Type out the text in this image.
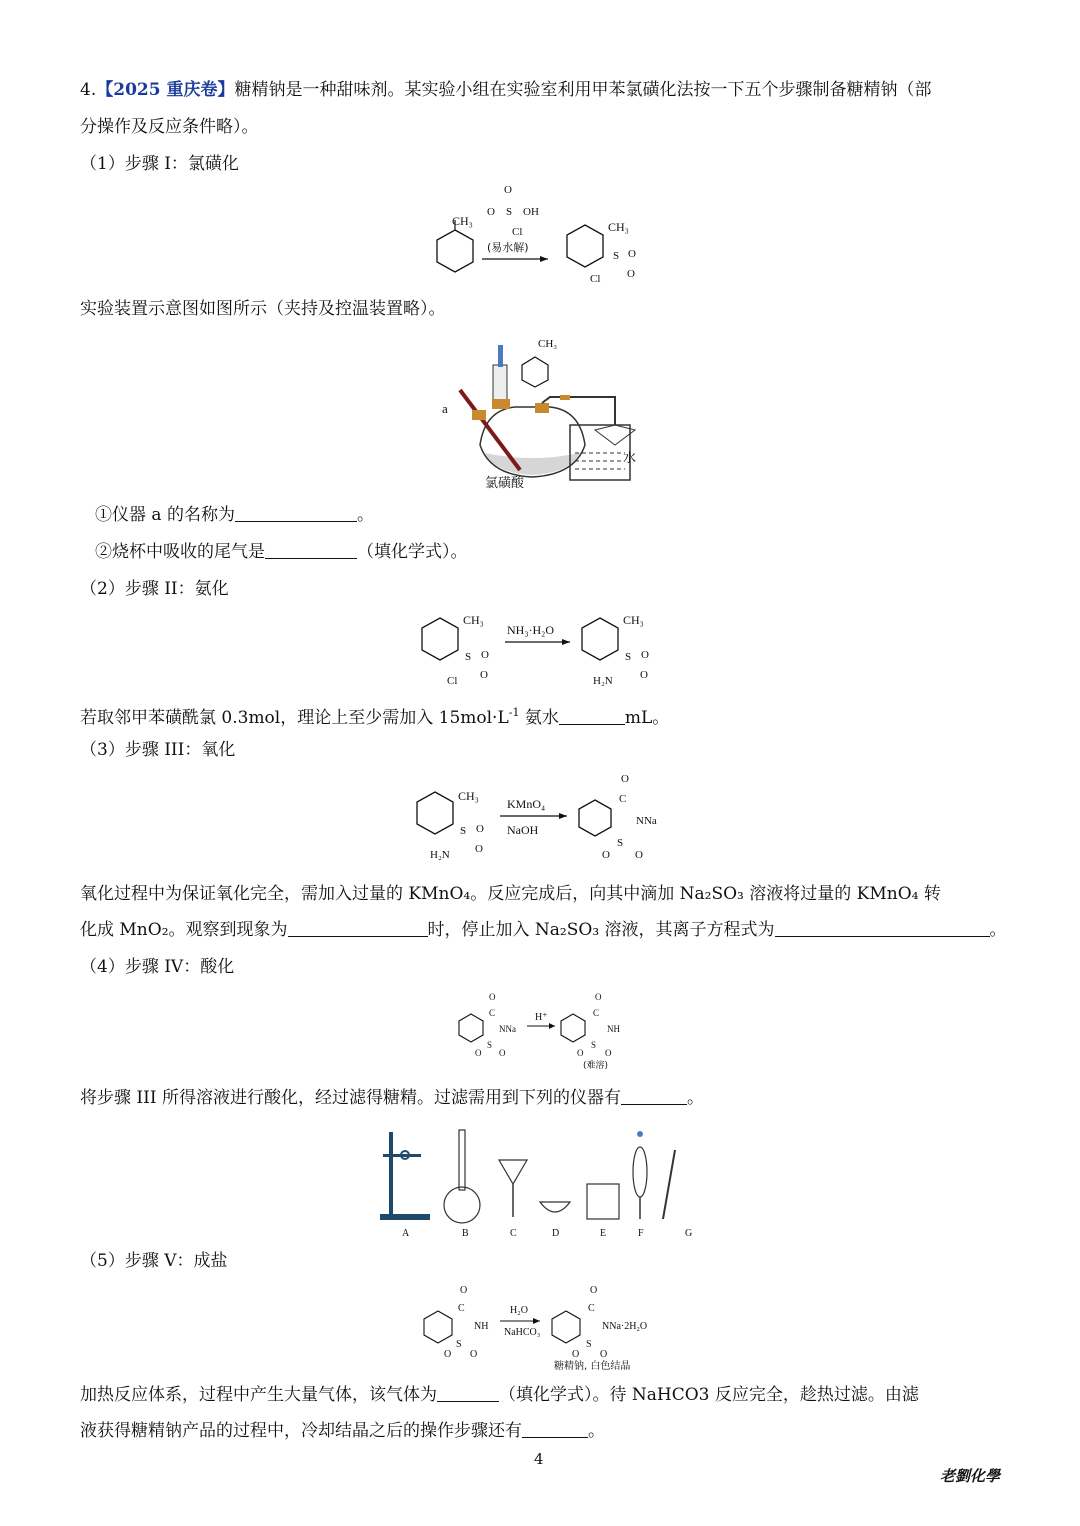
4.【2025 重庆卷】糖精钠是一种甜味剂。某实验小组在实验室利用甲苯氯磺化法按一下五个步骤制备糖精钠（部
分操作及反应条件略）。
（1）步骤 I：氯磺化
CH₃
O
O S OH
Cl
(易水解)
CH₃
S O
O
Cl
实验装置示意图如图所示（夹持及控温装置略）。
a
水
氯磺酸
CH₃
①仪器 a 的名称为	。
②烧杯中吸收的尾气是	（填化学式）。
（2）步骤 II：氨化
CH₃
S O
O
Cl
NH₃·H₂O
CH₃
S O
O
H₂N
若取邻甲苯磺酰氯 0.3mol，理论上至少需加入 $15mol\cdot L^{-1}$ 氨水	mL。
（3）步骤 III：氧化
CH₃
S O
O
H₂N
KMnO₄
NaOH
C
O
NNa
S
O O
氧化过程中为保证氧化完全，需加入过量的 KMnO₄。反应完成后，向其中滴加 Na₂SO₃ 溶液将过量的 KMnO₄ 转
化成 MnO₂。观察到现象为	时，停止加入 Na₂SO₃ 溶液，其离子方程式为	。
（4）步骤 IV：酸化
O
C
NNa
S
O O
H⁺
O
C
NH
S
O O
(难溶)
将步骤 III 所得溶液进行酸化，经过滤得糖精。过滤需用到下列的仪器有	。
A	B	C	D	E	F	G
（5）步骤 V：成盐
O
C
NH
S
O O
H₂O
NaHCO₃
O
C
NNa·2H₂O
S
O O
糖精钠, 白色结晶
加热反应体系，过程中产生大量气体，该气体为	（填化学式）。待 NaHCO3 反应完全，趁热过滤。由滤
液获得糖精钠产品的过程中，冷却结晶之后的操作步骤还有	。
4
老劉化學
